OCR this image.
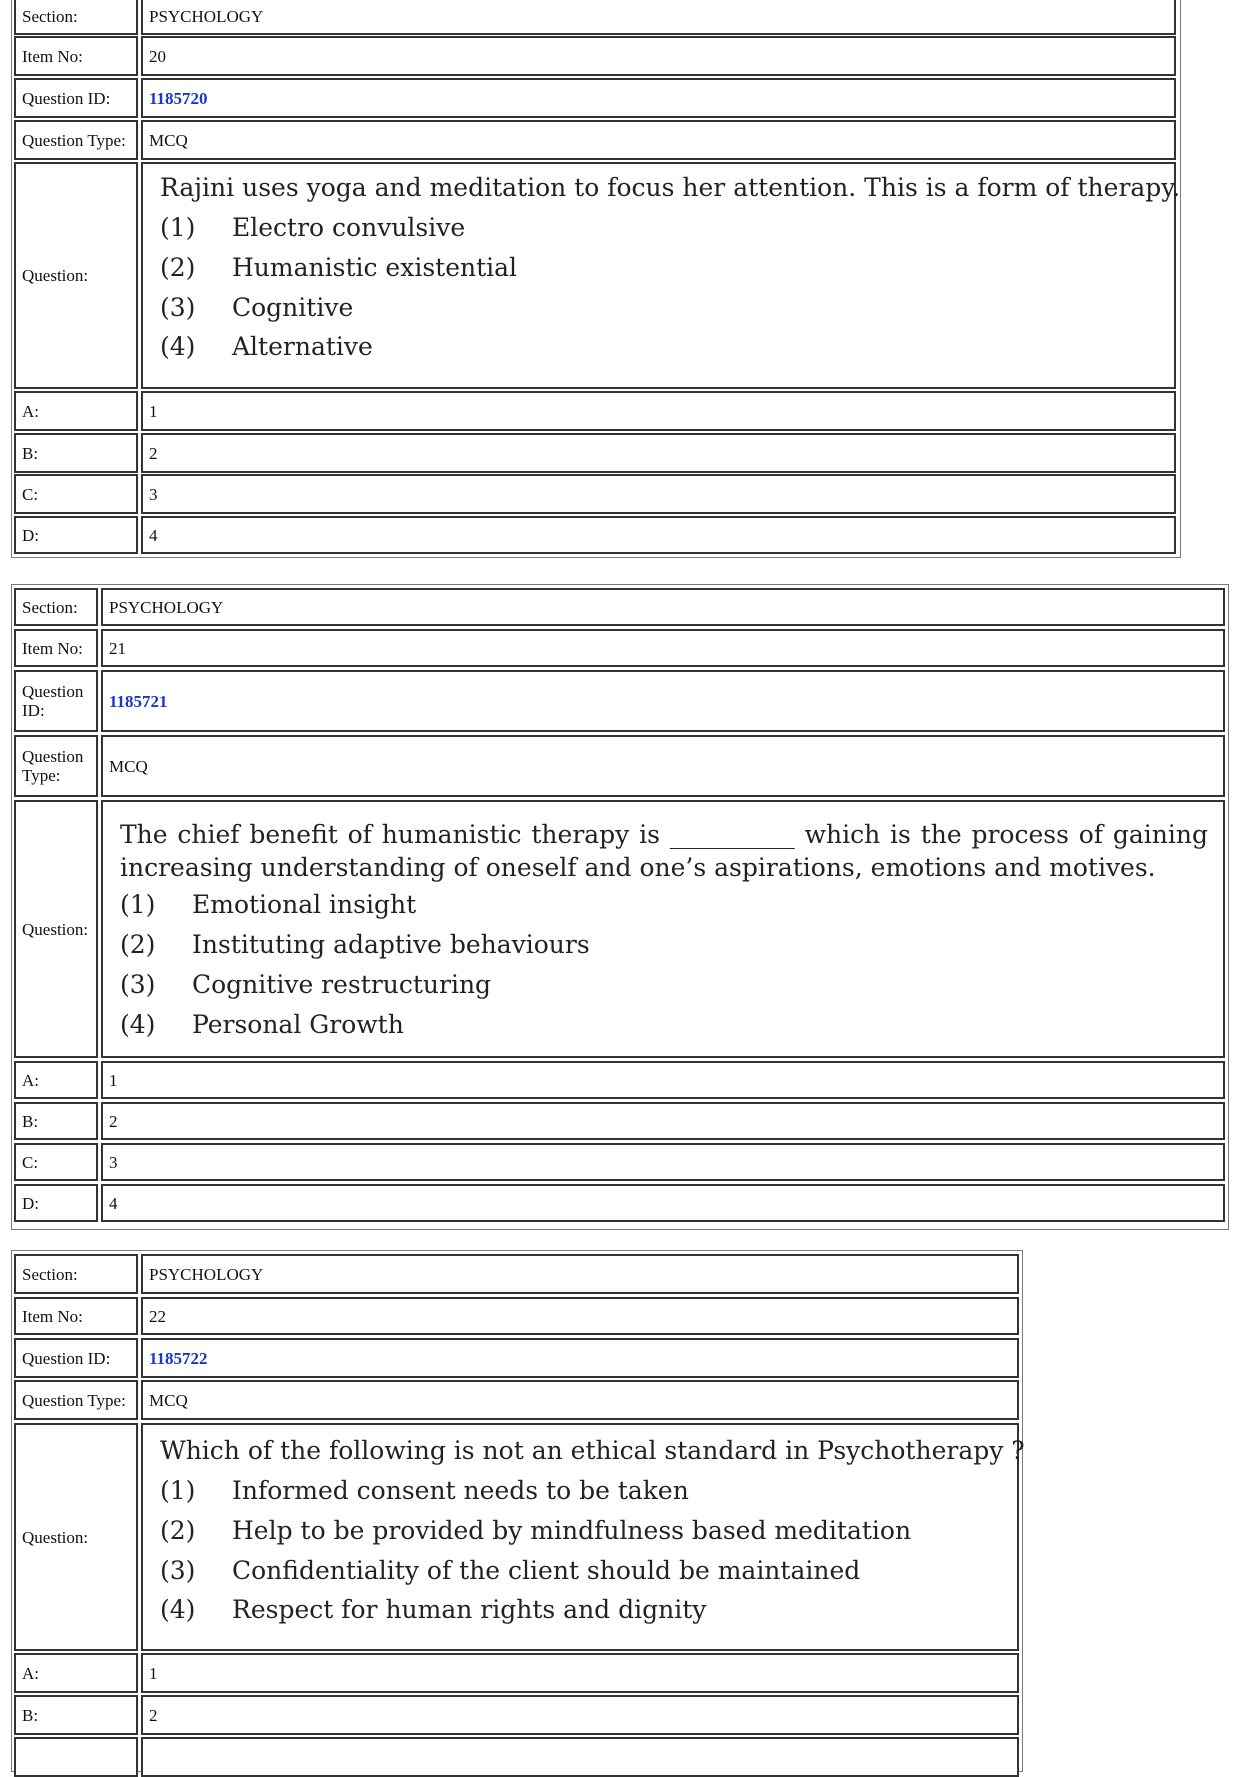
Section:	PSYCHOLOGY
Item No:	20
Question ID:	1185720
Question Type:	MCQ
Question:
Rajini uses yoga and meditation to focus her attention. This is a form of therapy.
(1) Electro convulsive
(2) Humanistic existential
(3) Cognitive
(4) Alternative
A:	1
B:	2
C:	3
D:	4
Section:	PSYCHOLOGY
Item No:	21
Question ID:	1185721
Question Type:	MCQ
Question:
The chief benefit of humanistic therapy is __________ which is the process of gaining increasing understanding of oneself and one’s aspirations, emotions and motives.
(1) Emotional insight
(2) Instituting adaptive behaviours
(3) Cognitive restructuring
(4) Personal Growth
A:	1
B:	2
C:	3
D:	4
Section:	PSYCHOLOGY
Item No:	22
Question ID:	1185722
Question Type:	MCQ
Question:
Which of the following is not an ethical standard in Psychotherapy ?
(1) Informed consent needs to be taken
(2) Help to be provided by mindfulness based meditation
(3) Confidentiality of the client should be maintained
(4) Respect for human rights and dignity
A:	1
B:	2
